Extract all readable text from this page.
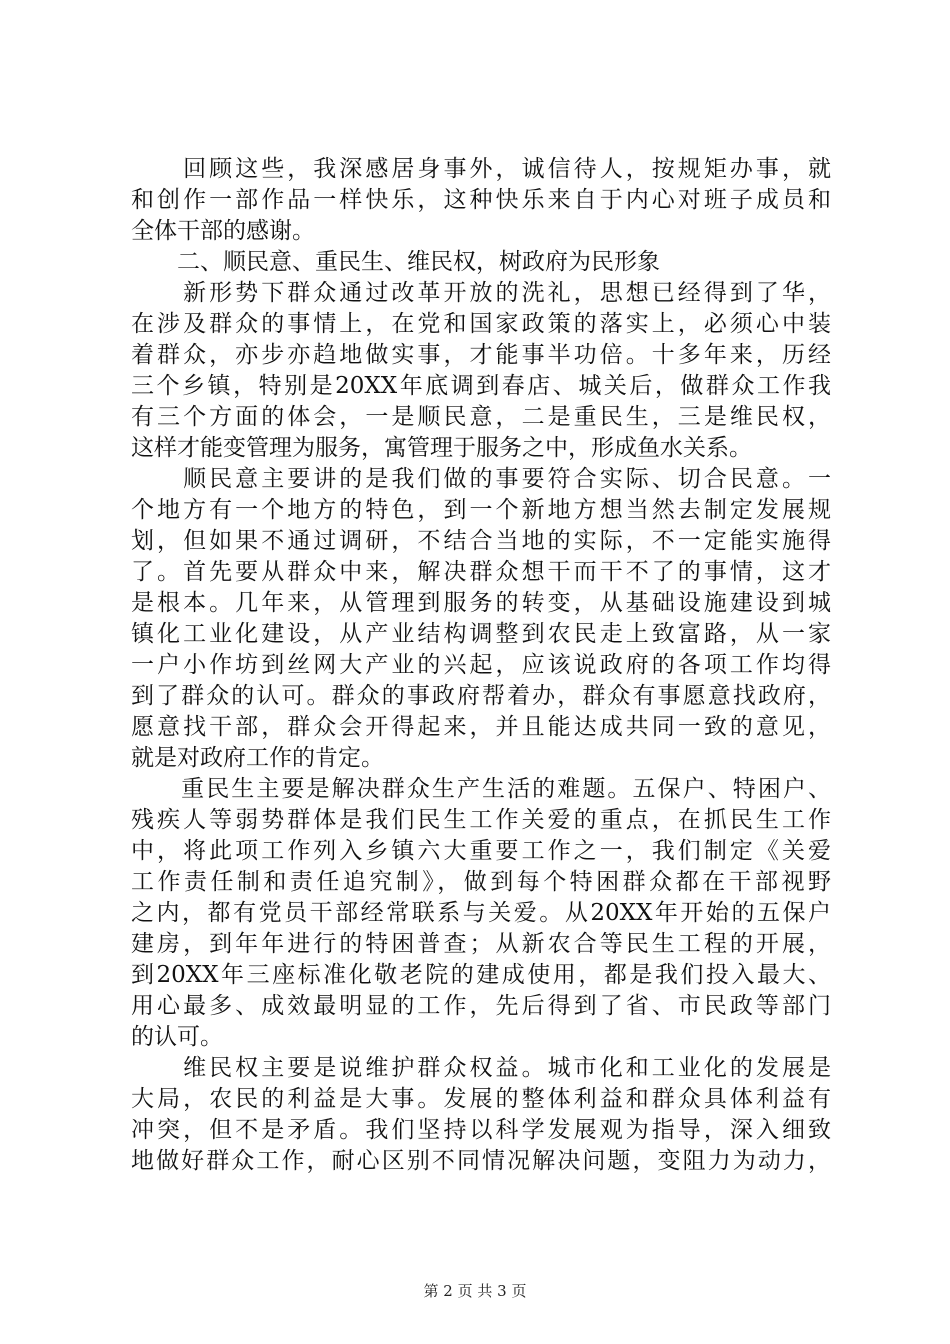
　　回顾这些，我深感居身事外，诚信待人，按规矩办事，就
和创作一部作品一样快乐，这种快乐来自于内心对班子成员和
全体干部的感谢。
　　二、顺民意、重民生、维民权，树政府为民形象
　　新形势下群众通过改革开放的洗礼，思想已经得到了华，
在涉及群众的事情上，在党和国家政策的落实上，必须心中装
着群众，亦步亦趋地做实事，才能事半功倍。十多年来，历经
三个乡镇，特别是20XX年底调到春店、城关后，做群众工作我
有三个方面的体会，一是顺民意，二是重民生，三是维民权，
这样才能变管理为服务，寓管理于服务之中，形成鱼水关系。
　　顺民意主要讲的是我们做的事要符合实际、切合民意。一
个地方有一个地方的特色，到一个新地方想当然去制定发展规
划，但如果不通过调研，不结合当地的实际，不一定能实施得
了。首先要从群众中来，解决群众想干而干不了的事情，这才
是根本。几年来，从管理到服务的转变，从基础设施建设到城
镇化工业化建设，从产业结构调整到农民走上致富路，从一家
一户小作坊到丝网大产业的兴起，应该说政府的各项工作均得
到了群众的认可。群众的事政府帮着办，群众有事愿意找政府，
愿意找干部，群众会开得起来，并且能达成共同一致的意见，
就是对政府工作的肯定。
　　重民生主要是解决群众生产生活的难题。五保户、特困户、
残疾人等弱势群体是我们民生工作关爱的重点，在抓民生工作
中，将此项工作列入乡镇六大重要工作之一，我们制定《关爱
工作责任制和责任追究制》，做到每个特困群众都在干部视野
之内，都有党员干部经常联系与关爱。从20XX年开始的五保户
建房，到年年进行的特困普查；从新农合等民生工程的开展，
到20XX年三座标准化敬老院的建成使用，都是我们投入最大、
用心最多、成效最明显的工作，先后得到了省、市民政等部门
的认可。
　　维民权主要是说维护群众权益。城市化和工业化的发展是
大局，农民的利益是大事。发展的整体利益和群众具体利益有
冲突，但不是矛盾。我们坚持以科学发展观为指导，深入细致
地做好群众工作，耐心区别不同情况解决问题，变阻力为动力，
第 2 页 共 3 页
